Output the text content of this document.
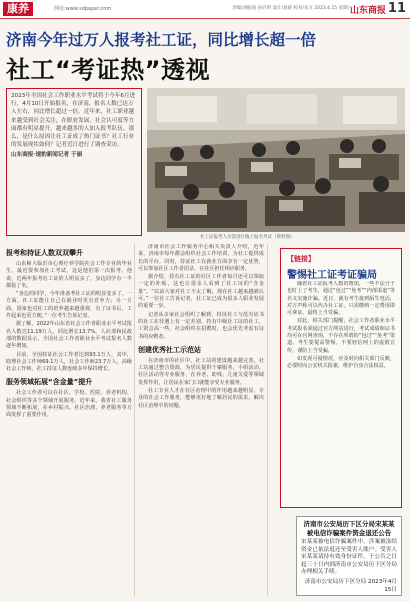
康养	网址:www.sdpaper.com	责编/刘振国 孙启明 设计/刘蒙 校对/宋文 2023.4.15 星期六
山东商报 11
济南今年过万人报考社工证，同比增长超一倍
社工“考证热”透视
2023年全国社会工作职业水平考试将于今年6月进行，4月10日开始报名，在济南，报名人数已达万人左右，同比增长超过一倍。近年来，社工职业越来越受到社会关注，在职业发展、社会认可度等方面都有明显提升，越来越多的人加入报考队伍。那么，是什么原因让社工证成了热门证书？社工行业的发展现状如何？记者近日进行了调查采访。
山东商报·速豹新闻记者 于丽
社工证报考人员需进行线上报名考试（资料图）
报考和持证人数双双攀升

山东师大临沂市心理疗养学院社会工作专业的毕业生，最近要参加社工考试，这是他们第一次报考。他说，近两年报考社工证的人明显多了，身边同学有一半都报了名。

“身边的同学，今年准备考社工证的明显变多了。一方面，社工证能让自己在就业时更有竞争力；另一方面，国家也对社工的培养越来越重视，有了证书后，工作起来也更方便。”一位考生告诉记者。

据了解，2022年山东省社会工作者职业水平考试报名人数达11.19万人，同比增长13.7%。人社部和民政部的数据显示，全国社会工作者职业水平考试报名人数逐年增加。

目前，全国持证社会工作者达到93.1万人，其中，助理社会工作师69.1万人，社会工作师23.7万人，高级社会工作师。社工持证人数连续多年保持增长。

服务领域拓展“含金量”提升

社会工作者可以在社区、学校、医院、养老机构、社会组织等多个领域开展服务。近年来，我省社工服务领域不断拓展，在乡村振兴、社区治理、养老服务等方面发挥了重要作用。

济南市社会工作服务中心相关负责人介绍，近年来，济南市每年都会组织社会工作培训，为社工提供成长的平台。同时，持证社工在就业方面享有一定优势，可以参加社区工作者招录，在社区担任相应职务。

据介绍，持有社工证的社区工作者每月还可以领取一定的补贴，这也让很多人看到了社工证的“含金量”。“以前大家对社工不太了解，现在社工越来越被认可。”一位社工告诉记者，社工证已成为很多人职业发展的重要一步。

记者从多家社会组织了解到，持证社工与没有证书的社工在待遇上有一定差别，持有中级社工证的社工，工资会高一些。社会组织在招聘时，也会优先考虑有证书的应聘者。

创建优秀社工示范站

在济南市的社区中，社工站的建设越来越完善。社工站通过整合资源，为居民提供个案服务、小组活动、社区活动等专业服务，在养老、助残、儿童关爱等领域发挥作用，让居民在家门口就能享受专业服务。

社工专业人才在社区治理中的作用越来越明显。专业的社会工作服务，能够更好地了解居民的需求，解决社区治理中的问题。

【链接】
警惕社工证考证骗局

随着社工证报考人数的增加，一些不法分子也盯上了考生，通过“包过”“免考”“内部渠道”等名义实施诈骗。近日，就有考生接到陌生电话，对方声称可以代办社工证，只需缴纳一定费用即可拿证，最终上当受骗。

对此，相关部门提醒，社会工作者职业水平考试报名须通过官方网站进行，考试成绩和证书均可在官网查询，不存在所谓的“包过”“免考”渠道。考生要提高警惕，不要轻信网上的虚假宣传，谨防上当受骗。

如发现可疑情况，应及时向相关部门反映，必要时向公安机关报案，维护自身合法权益。

济南市公安局历下区分局宋某某被电信诈骗案件资金退还公告
宋某某被电信诈骗案件中，涉案被冻结资金已依法退还至受害人账户。受害人宋某某请持有效身份证件，于公告之日起三十日内到济南市公安局历下区分局办理相关手续。
济南市公安局历下区分局 2023年4月15日
